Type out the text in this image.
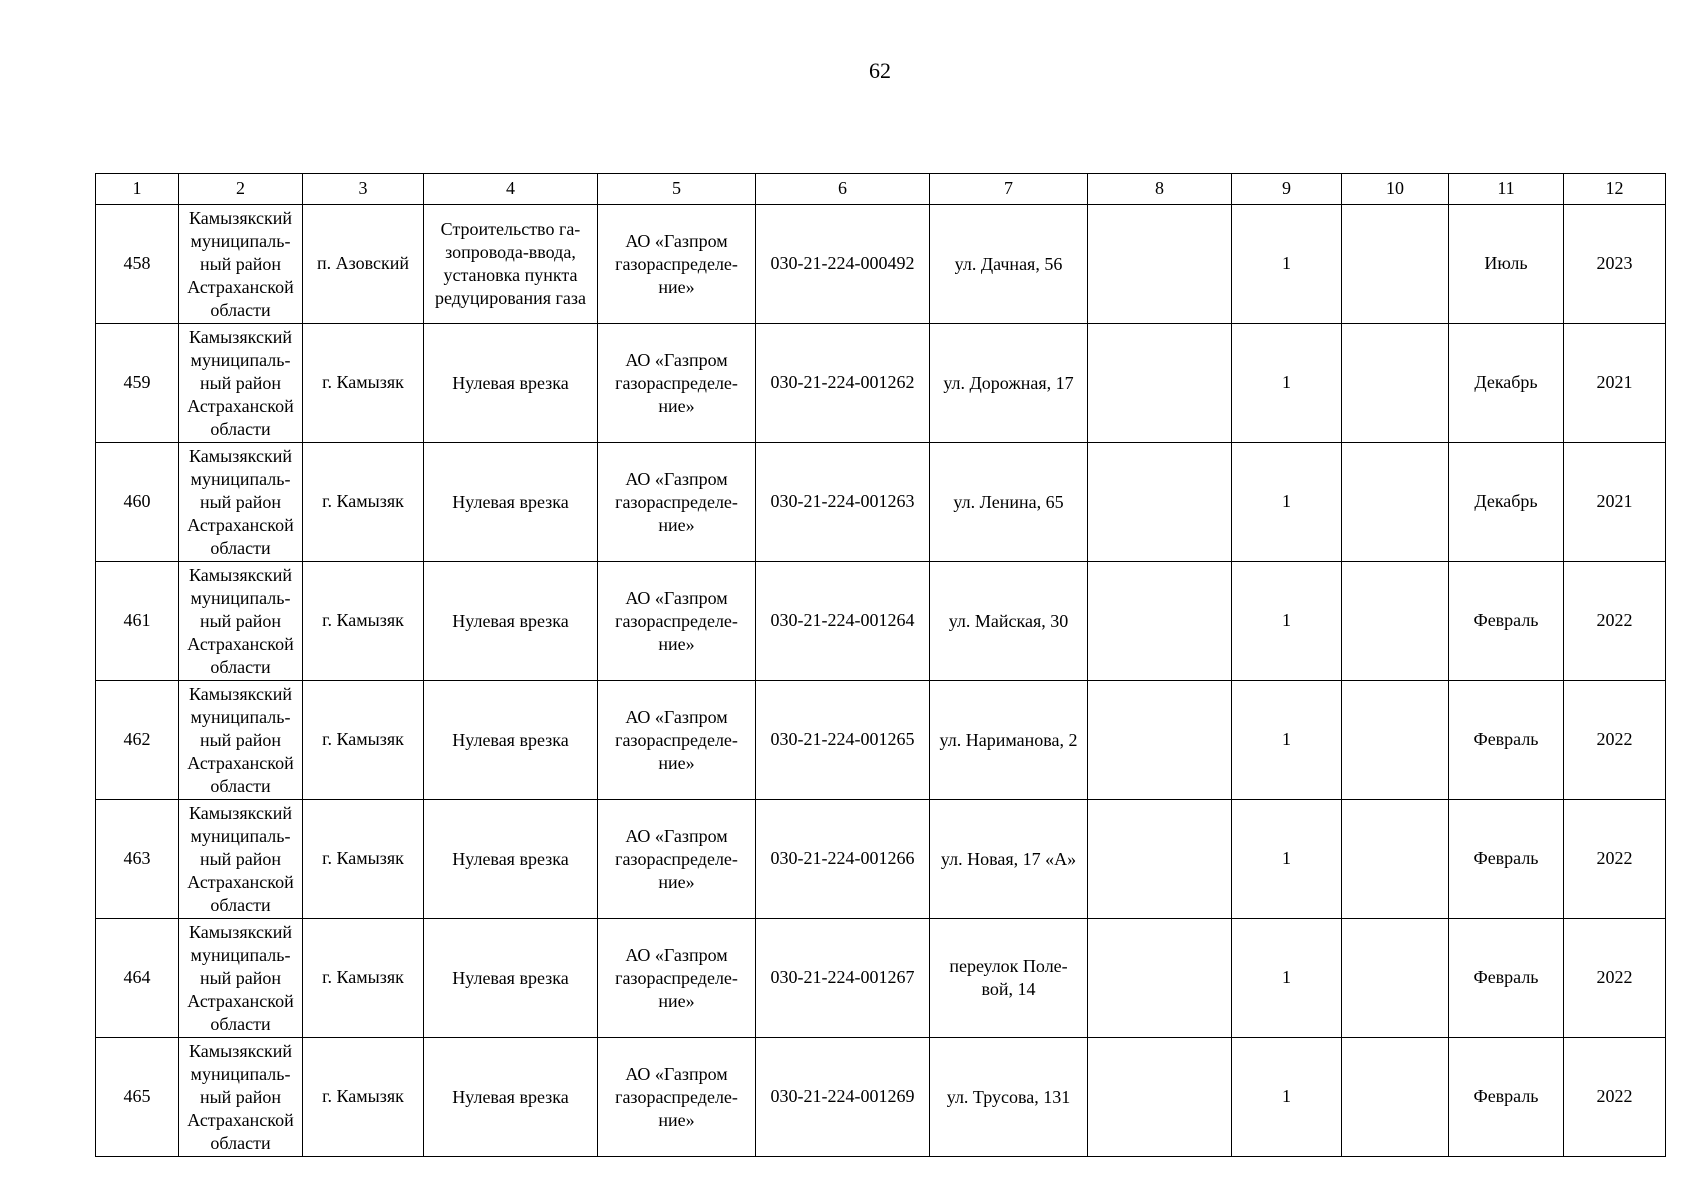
62
1	2	3	4	5	6	7	8	9	10	11	12
458	Камызякский
муниципаль-
ный район
Астраханской
области	п. Азовский	Строительство га-
зопровода-ввода,
установка пункта
редуцирования газа	АО «Газпром
газораспределе-
ние»	030-21-224-000492	ул. Дачная, 56		1		Июль	2023
459	Камызякский
муниципаль-
ный район
Астраханской
области	г. Камызяк	Нулевая врезка	АО «Газпром
газораспределе-
ние»	030-21-224-001262	ул. Дорожная, 17		1		Декабрь	2021
460	Камызякский
муниципаль-
ный район
Астраханской
области	г. Камызяк	Нулевая врезка	АО «Газпром
газораспределе-
ние»	030-21-224-001263	ул. Ленина, 65		1		Декабрь	2021
461	Камызякский
муниципаль-
ный район
Астраханской
области	г. Камызяк	Нулевая врезка	АО «Газпром
газораспределе-
ние»	030-21-224-001264	ул. Майская, 30		1		Февраль	2022
462	Камызякский
муниципаль-
ный район
Астраханской
области	г. Камызяк	Нулевая врезка	АО «Газпром
газораспределе-
ние»	030-21-224-001265	ул. Нариманова, 2		1		Февраль	2022
463	Камызякский
муниципаль-
ный район
Астраханской
области	г. Камызяк	Нулевая врезка	АО «Газпром
газораспределе-
ние»	030-21-224-001266	ул. Новая, 17 «А»		1		Февраль	2022
464	Камызякский
муниципаль-
ный район
Астраханской
области	г. Камызяк	Нулевая врезка	АО «Газпром
газораспределе-
ние»	030-21-224-001267	переулок Поле-
вой, 14		1		Февраль	2022
465	Камызякский
муниципаль-
ный район
Астраханской
области	г. Камызяк	Нулевая врезка	АО «Газпром
газораспределе-
ние»	030-21-224-001269	ул. Трусова, 131		1		Февраль	2022
